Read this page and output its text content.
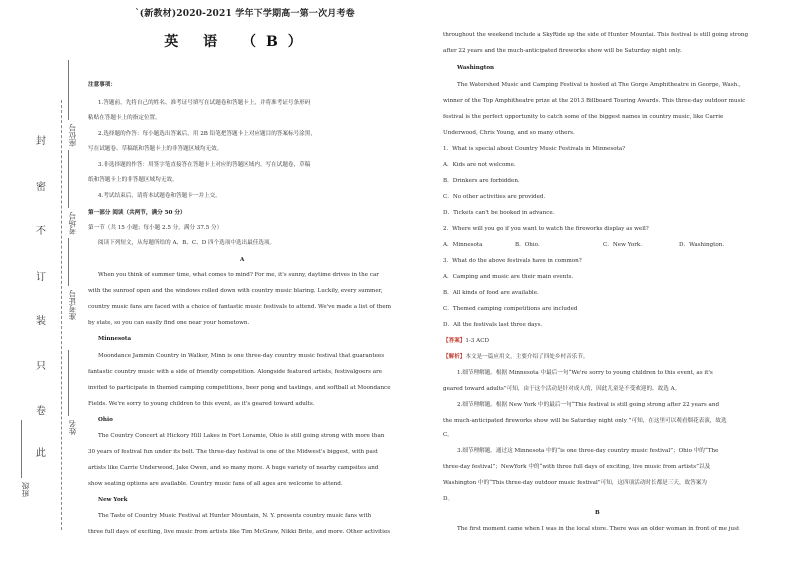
封
密
不
订
装
只
卷
此
座位号
考场号
准考证号
姓名
班级
`(新教材)2020-2021 学年下学期高一第一次月考卷
英 语 （B）
注意事项：
1.答题前，先将自己的姓名、准考证号填写在试题卷和答题卡上，并将准考证号条形码
粘贴在答题卡上的指定位置。
2.选择题的作答：每小题选出答案后，用 2B 铅笔把答题卡上对应题目的答案标号涂黑，
写在试题卷、草稿纸和答题卡上的非答题区域均无效。
3.非选择题的作答：用签字笔直接答在答题卡上对应的答题区域内。写在试题卷，草稿
纸和答题卡上的非答题区域均无效。
4.考试结束后，请将本试题卷和答题卡一并上交。
第一部分 阅读（共两节，满分 50 分）
第一节（共 15 小题；每小题 2.5 分，满分 37.5 分）
阅读下列短文，从每题所给的 A、B、C、D 四个选项中选出最佳选项。
A
When you think of summer time, what comes to mind? For me, it's sunny, daytime drives in the car
with the sunroof open and the windows rolled down with country music blaring. Luckily, every summer,
country music fans are faced with a choice of fantastic music festivals to attend. We've made a list of them
by state, so you can easily find one near your hometown.
Minnesota
Moondance Jammin Country in Walker, Minn is one three-day country music festival that guarantees
fantastic country music with a side of friendly competition. Alongside featured artists, festivalgoers are
invited to participate in themed camping competitions, beer pong and tastings, and softball at Moondance
Fields. We're sorry to young children to this event, as it's geared toward adults.
Ohio
The Country Concert at Hickory Hill Lakes in Fort Loramie, Ohio is still going strong with more than
30 years of festival fun under its belt. The three-day festival is one of the Midwest's biggest, with past
artists like Carrie Underwood, Jake Owen, and so many more. A huge variety of nearby campsites and
show seating options are available. Country music fans of all ages are welcome to attend.
New York
The Taste of Country Music Festival at Hunter Mountain, N. Y. presents country music fans with
three full days of exciting, live music from artists like Tim McGraw, Nikki Brite, and more. Other activities
throughout the weekend include a SkyRide up the side of Hunter Mountai. This festival is still going strong
after 22 years and the much-anticipated fireworks show will be Saturday night only.
Washington
The Watershed Music and Camping Festival is hosted at The Gorge Amphitheatre in George, Wash.,
winner of the Top Amphitheatre prize at the 2013 Billboard Touring Awards. This three-day outdoor music
festival is the perfect opportunity to catch some of the biggest names in country music, like Carrie
Underwood, Chris Young, and so many others.
1．What is special about Country Music Festivals in Minnesota?
A．Kids are not welcome.
B．Drinkers are forbidden.
C．No other activities are provided.
D．Tickets can't be booked in advance.
2．Where will you go if you want to watch the fireworks display as well?
A．Minnesota	B．Ohio.	C．New York.	D．Washington.
3．What do the above festivals have in common?
A．Camping and music are their main events.
B．All kinds of food are available.
C．Themed camping competitions are included
D．All the festivals last three days.
【答案】1-3 ACD
【解析】本文是一篇应用文，主要介绍了四处乡村音乐节。
1.细节理解题。根据 Minnesota 中最后一句“We're sorry to young children to this event, as it's
geared toward adults”可知，由于这个活动是针对成人的，因此儿童是不受欢迎的。故选 A。
2.细节理解题。根据 New York 中的最后一句“This festival is still going strong after 22 years and
the much-anticipated fireworks show will be Saturday night only ”可知，在这里可以观看烟花表演，故选
C。
3.细节理解题。通过这 Minnesota 中的“is one three-day country music festival”；Ohio 中的“The
three-day festival”；NewYork 中的“with three full days of exciting, live music from artists”以及
Washington 中的“This three-day outdoor music festival”可知，这四项活动时长都是三天，故答案为
D。
B
The first moment came when I was in the local store. There was an older woman in front of me just
